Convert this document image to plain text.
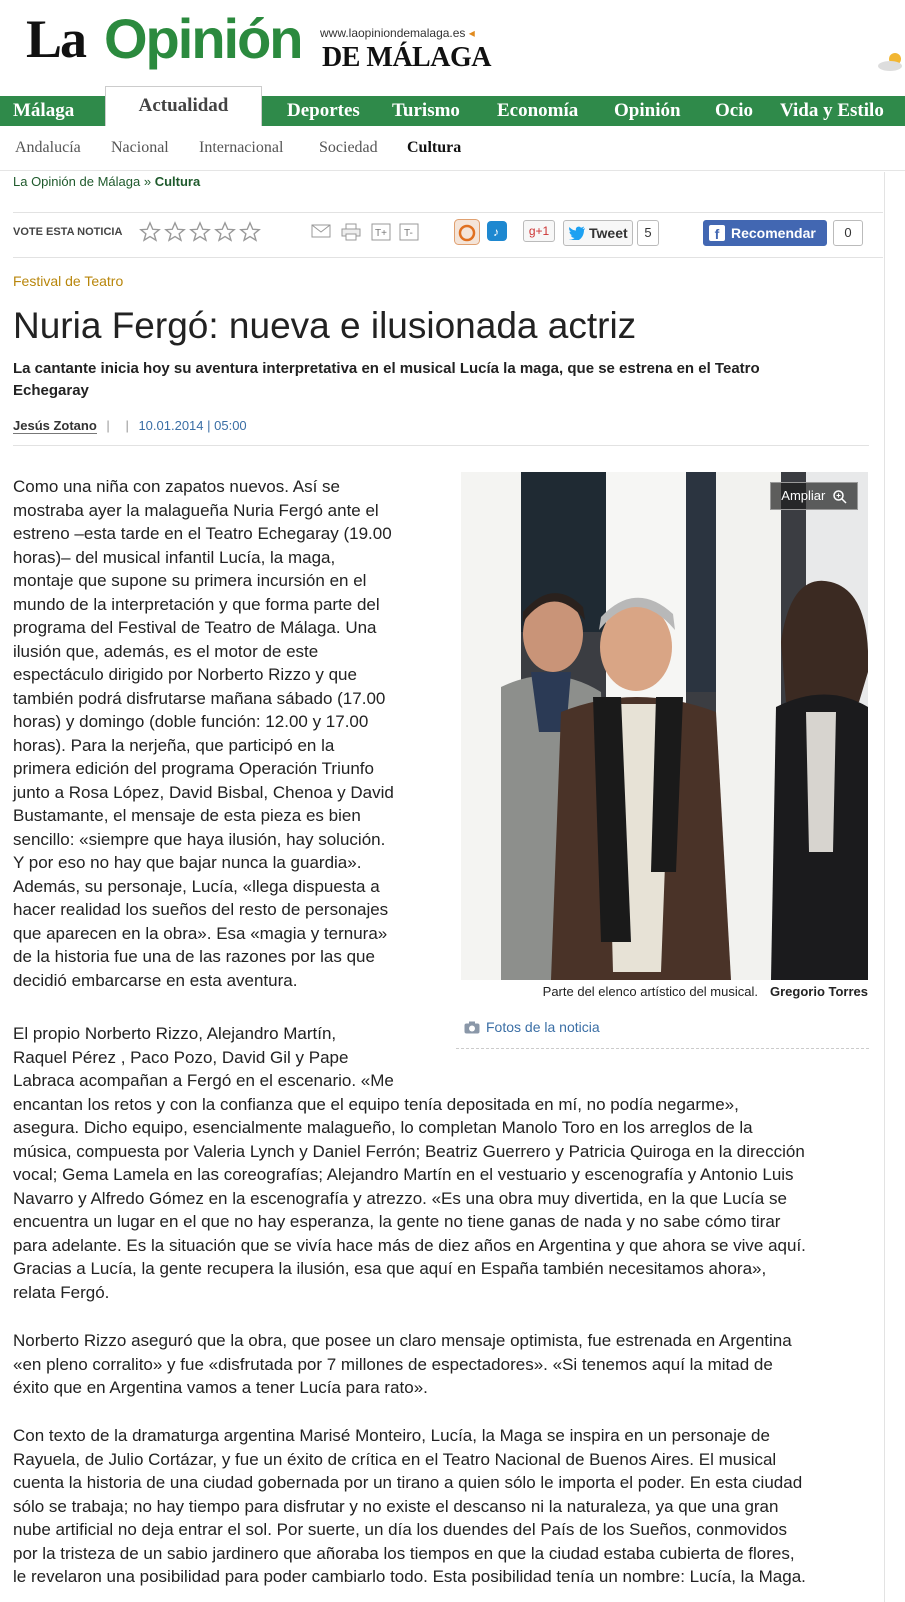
La Opinión www.laopiniondemalaga.es ◂
DE MÁLAGA
Málaga	Deportes Turismo Economía Opinión Ocio Vida y Estilo
Actualidad
Andalucía Nacional Internacional Sociedad Cultura
La Opinión de Málaga » Cultura
VOTE ESTA NOTICIA	T+ T-	♪	g+1	Tweet	5	f Recomendar	0
Festival de Teatro
Nuria Fergó: nueva e ilusionada actriz
La cantante inicia hoy su aventura interpretativa en el musical Lucía la maga, que se estrena en el Teatro Echegaray
Jesús Zotano | | 10.01.2014 | 05:00
Como una niña con zapatos nuevos. Así se
mostraba ayer la malagueña Nuria Fergó ante el
estreno –esta tarde en el Teatro Echegaray (19.00
horas)– del musical infantil Lucía, la maga,
montaje que supone su primera incursión en el
mundo de la interpretación y que forma parte del
programa del Festival de Teatro de Málaga. Una
ilusión que, además, es el motor de este
espectáculo dirigido por Norberto Rizzo y que
también podrá disfrutarse mañana sábado (17.00
horas) y domingo (doble función: 12.00 y 17.00
horas). Para la nerjeña, que participó en la
primera edición del programa Operación Triunfo
junto a Rosa López, David Bisbal, Chenoa y David
Bustamante, el mensaje de esta pieza es bien
sencillo: «siempre que haya ilusión, hay solución.
Y por eso no hay que bajar nunca la guardia».
Además, su personaje, Lucía, «llega dispuesta a
hacer realidad los sueños del resto de personajes
que aparecen en la obra». Esa «magia y ternura»
de la historia fue una de las razones por las que
decidió embarcarse en esta aventura.
Ampliar
Parte del elenco artístico del musical. Gregorio Torres
Fotos de la noticia
El propio Norberto Rizzo, Alejandro Martín,
Raquel Pérez , Paco Pozo, David Gil y Pape
Labraca acompañan a Fergó en el escenario. «Me
encantan los retos y con la confianza que el equipo tenía depositada en mí, no podía negarme»,
asegura. Dicho equipo, esencialmente malagueño, lo completan Manolo Toro en los arreglos de la
música, compuesta por Valeria Lynch y Daniel Ferrón; Beatriz Guerrero y Patricia Quiroga en la dirección
vocal; Gema Lamela en las coreografías; Alejandro Martín en el vestuario y escenografía y Antonio Luis
Navarro y Alfredo Gómez en la escenografía y atrezzo. «Es una obra muy divertida, en la que Lucía se
encuentra un lugar en el que no hay esperanza, la gente no tiene ganas de nada y no sabe cómo tirar
para adelante. Es la situación que se vivía hace más de diez años en Argentina y que ahora se vive aquí.
Gracias a Lucía, la gente recupera la ilusión, esa que aquí en España también necesitamos ahora»,
relata Fergó.
Norberto Rizzo aseguró que la obra, que posee un claro mensaje optimista, fue estrenada en Argentina
«en pleno corralito» y fue «disfrutada por 7 millones de espectadores». «Si tenemos aquí la mitad de
éxito que en Argentina vamos a tener Lucía para rato».
Con texto de la dramaturga argentina Marisé Monteiro, Lucía, la Maga se inspira en un personaje de
Rayuela, de Julio Cortázar, y fue un éxito de crítica en el Teatro Nacional de Buenos Aires. El musical
cuenta la historia de una ciudad gobernada por un tirano a quien sólo le importa el poder. En esta ciudad
sólo se trabaja; no hay tiempo para disfrutar y no existe el descanso ni la naturaleza, ya que una gran
nube artificial no deja entrar el sol. Por suerte, un día los duendes del País de los Sueños, conmovidos
por la tristeza de un sabio jardinero que añoraba los tiempos en que la ciudad estaba cubierta de flores,
le revelaron una posibilidad para poder cambiarlo todo. Esta posibilidad tenía un nombre: Lucía, la Maga.
